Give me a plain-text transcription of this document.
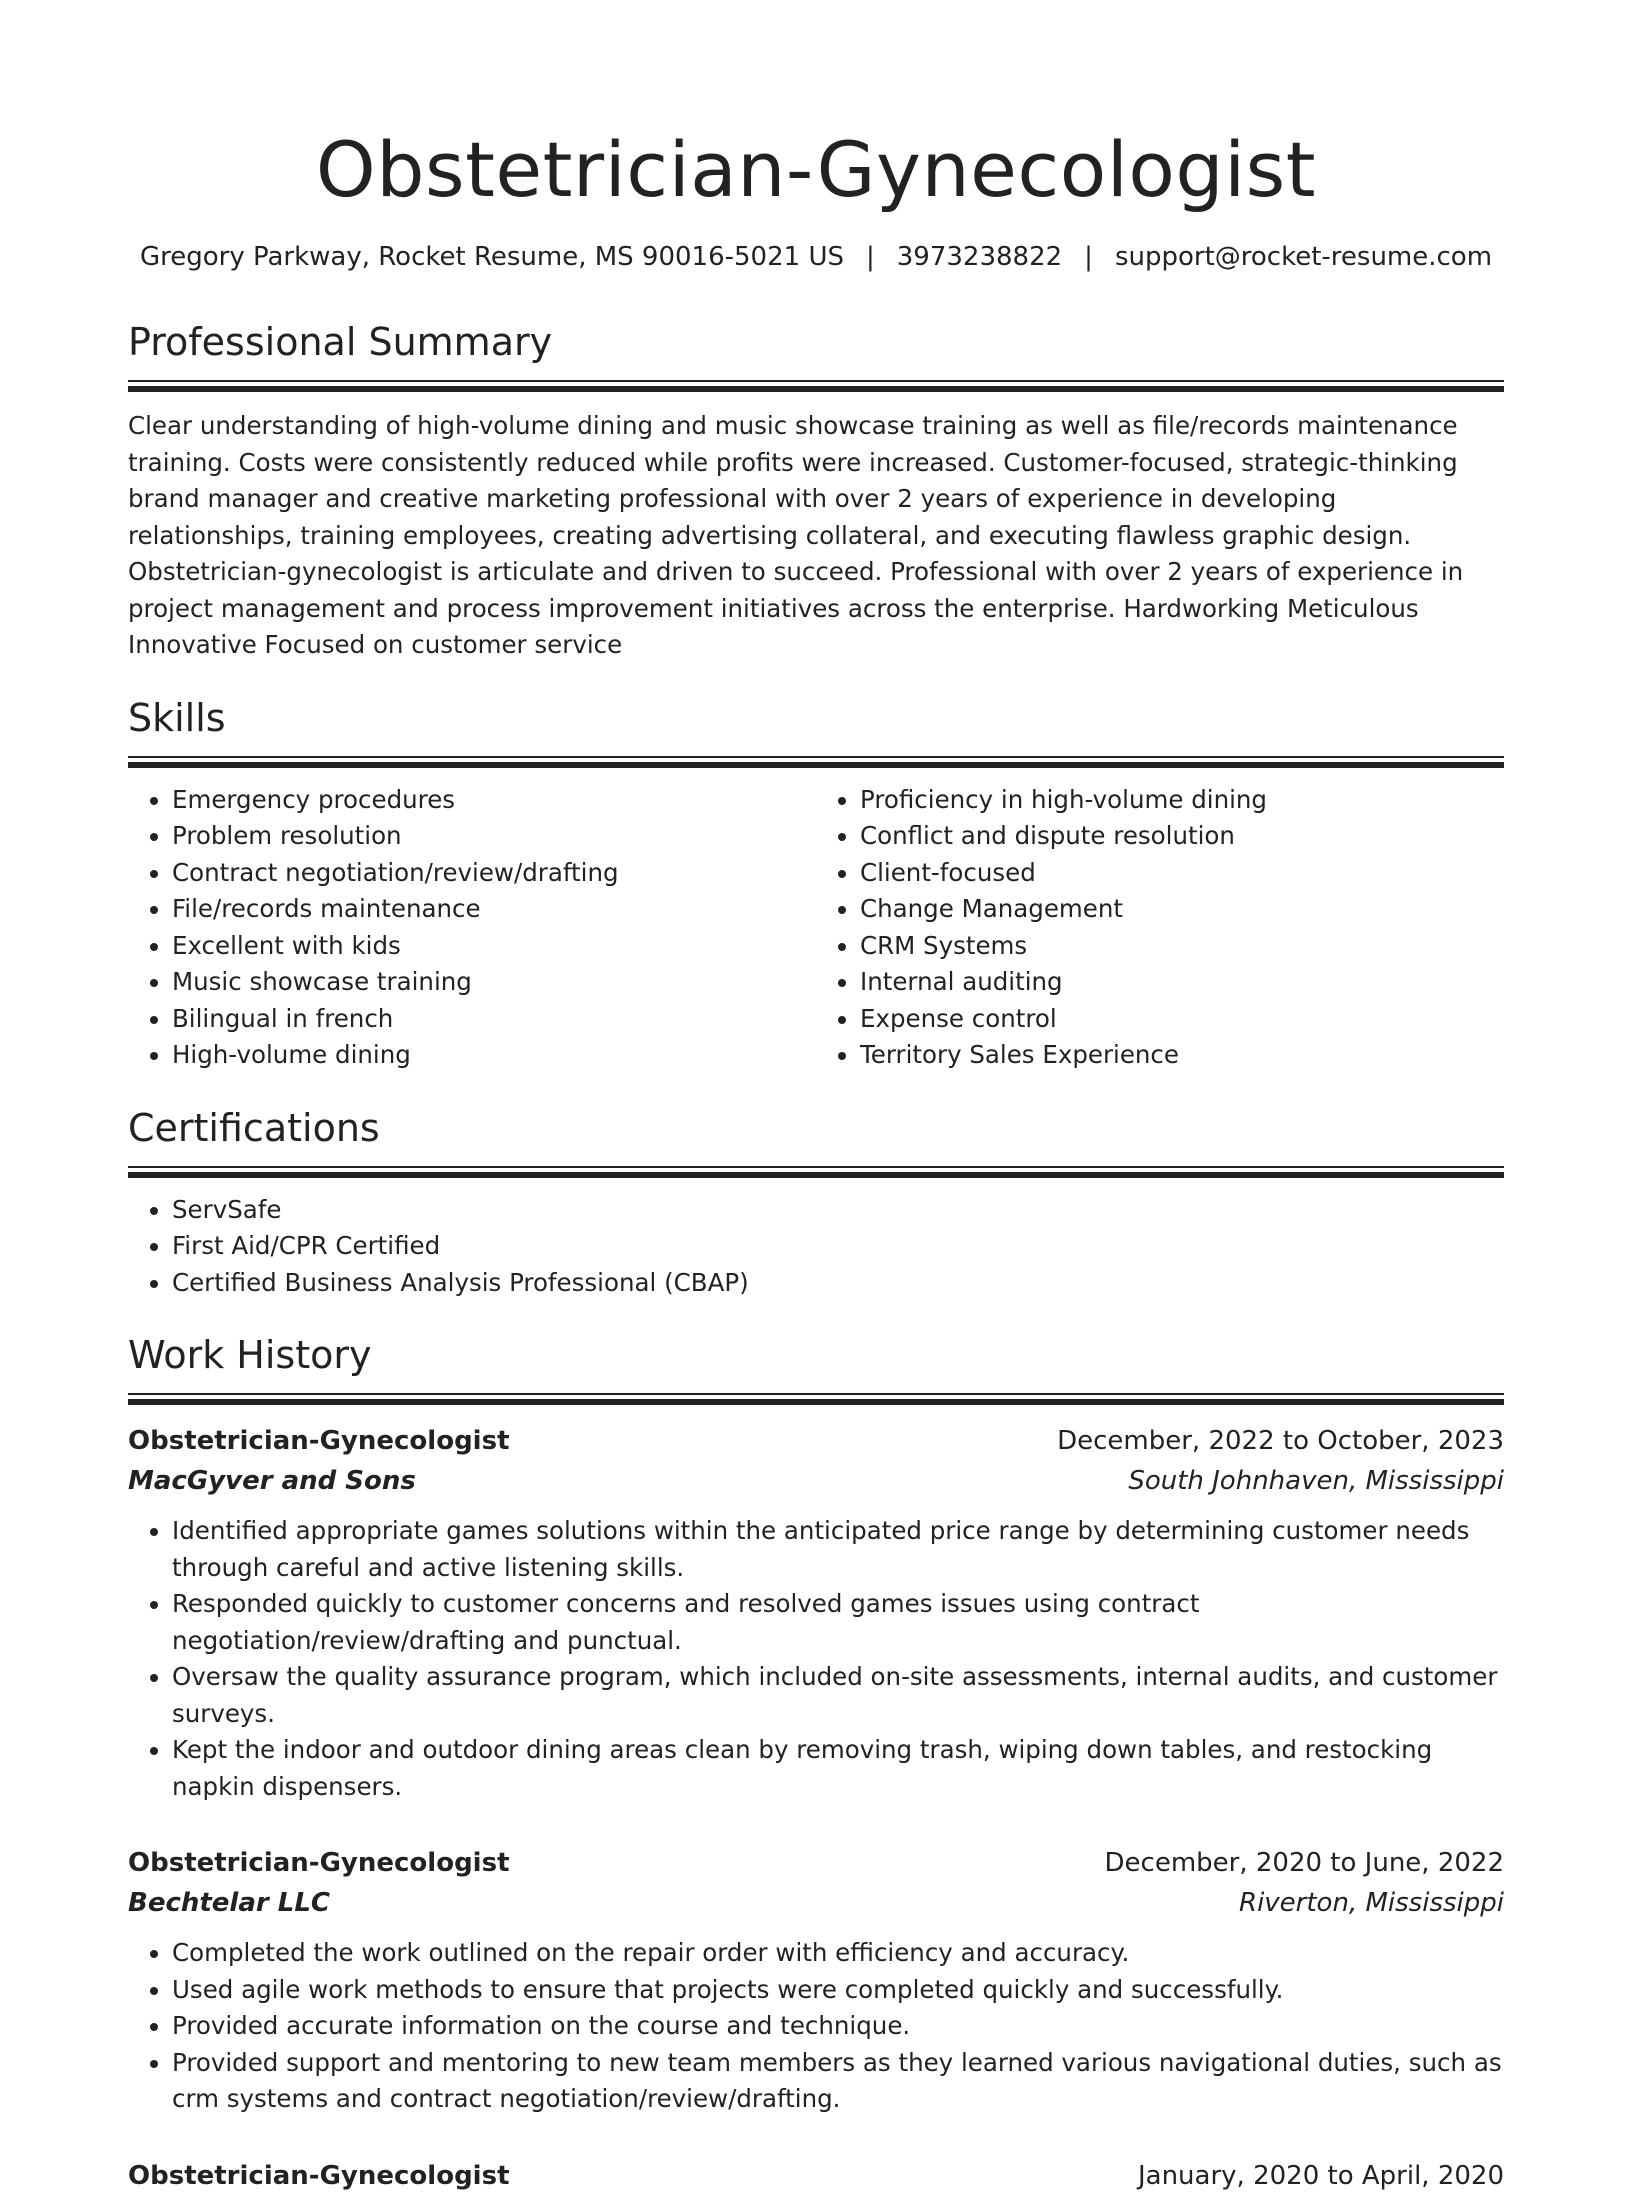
Obstetrician-Gynecologist
Gregory Parkway, Rocket Resume, MS 90016-5021 US | 3973238822 | support@rocket-resume.com
Professional Summary
Clear understanding of high-volume dining and music showcase training as well as file/records maintenance training. Costs were consistently reduced while profits were increased. Customer-focused, strategic-thinking brand manager and creative marketing professional with over 2 years of experience in developing relationships, training employees, creating advertising collateral, and executing flawless graphic design. Obstetrician-gynecologist is articulate and driven to succeed. Professional with over 2 years of experience in project management and process improvement initiatives across the enterprise. Hardworking Meticulous Innovative Focused on customer service
Skills
• Emergency procedures
• Problem resolution
• Contract negotiation/review/drafting
• File/records maintenance
• Excellent with kids
• Music showcase training
• Bilingual in french
• High-volume dining
• Proficiency in high-volume dining
• Conflict and dispute resolution
• Client-focused
• Change Management
• CRM Systems
• Internal auditing
• Expense control
• Territory Sales Experience
Certifications
• ServSafe
• First Aid/CPR Certified
• Certified Business Analysis Professional (CBAP)
Work History
Obstetrician-Gynecologist	December, 2022 to October, 2023
MacGyver and Sons	South Johnhaven, Mississippi
• Identified appropriate games solutions within the anticipated price range by determining customer needs through careful and active listening skills.
• Responded quickly to customer concerns and resolved games issues using contract negotiation/review/drafting and punctual.
• Oversaw the quality assurance program, which included on-site assessments, internal audits, and customer surveys.
• Kept the indoor and outdoor dining areas clean by removing trash, wiping down tables, and restocking napkin dispensers.
Obstetrician-Gynecologist	December, 2020 to June, 2022
Bechtelar LLC	Riverton, Mississippi
• Completed the work outlined on the repair order with efficiency and accuracy.
• Used agile work methods to ensure that projects were completed quickly and successfully.
• Provided accurate information on the course and technique.
• Provided support and mentoring to new team members as they learned various navigational duties, such as crm systems and contract negotiation/review/drafting.
Obstetrician-Gynecologist	January, 2020 to April, 2020
